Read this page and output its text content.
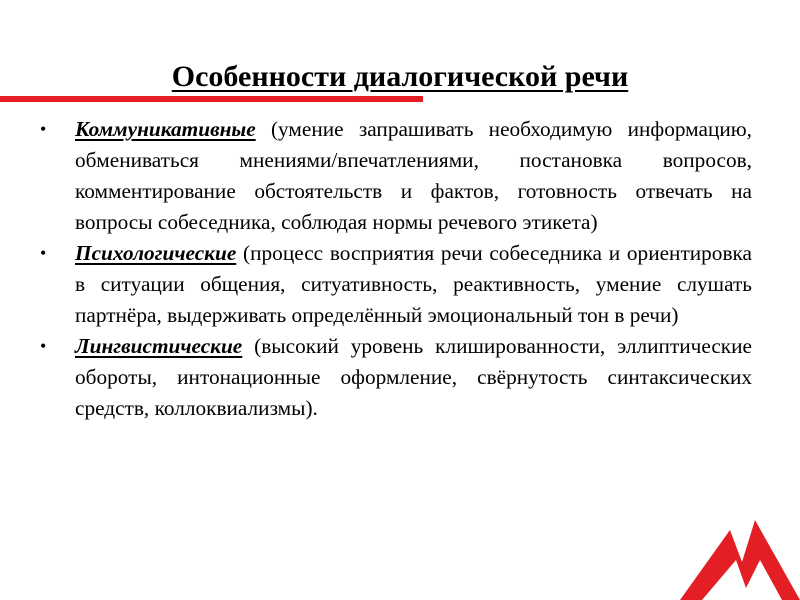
Особенности диалогической речи
•	Коммуникативные (умение запрашивать необходимую информацию, обмениваться мнениями/впечатлениями, постановка вопросов, комментирование обстоятельств и фактов, готовность отвечать на вопросы собеседника, соблюдая нормы речевого этикета)
•	Психологические (процесс восприятия речи собеседника и ориентировка в ситуации общения, ситуативность, реактивность, умение слушать партнёра, выдерживать определённый эмоциональный тон в речи)
•	Лингвистические (высокий уровень клишированности, эллиптические обороты, интонационные оформление, свёрнутость синтаксических средств, коллоквиализмы).
